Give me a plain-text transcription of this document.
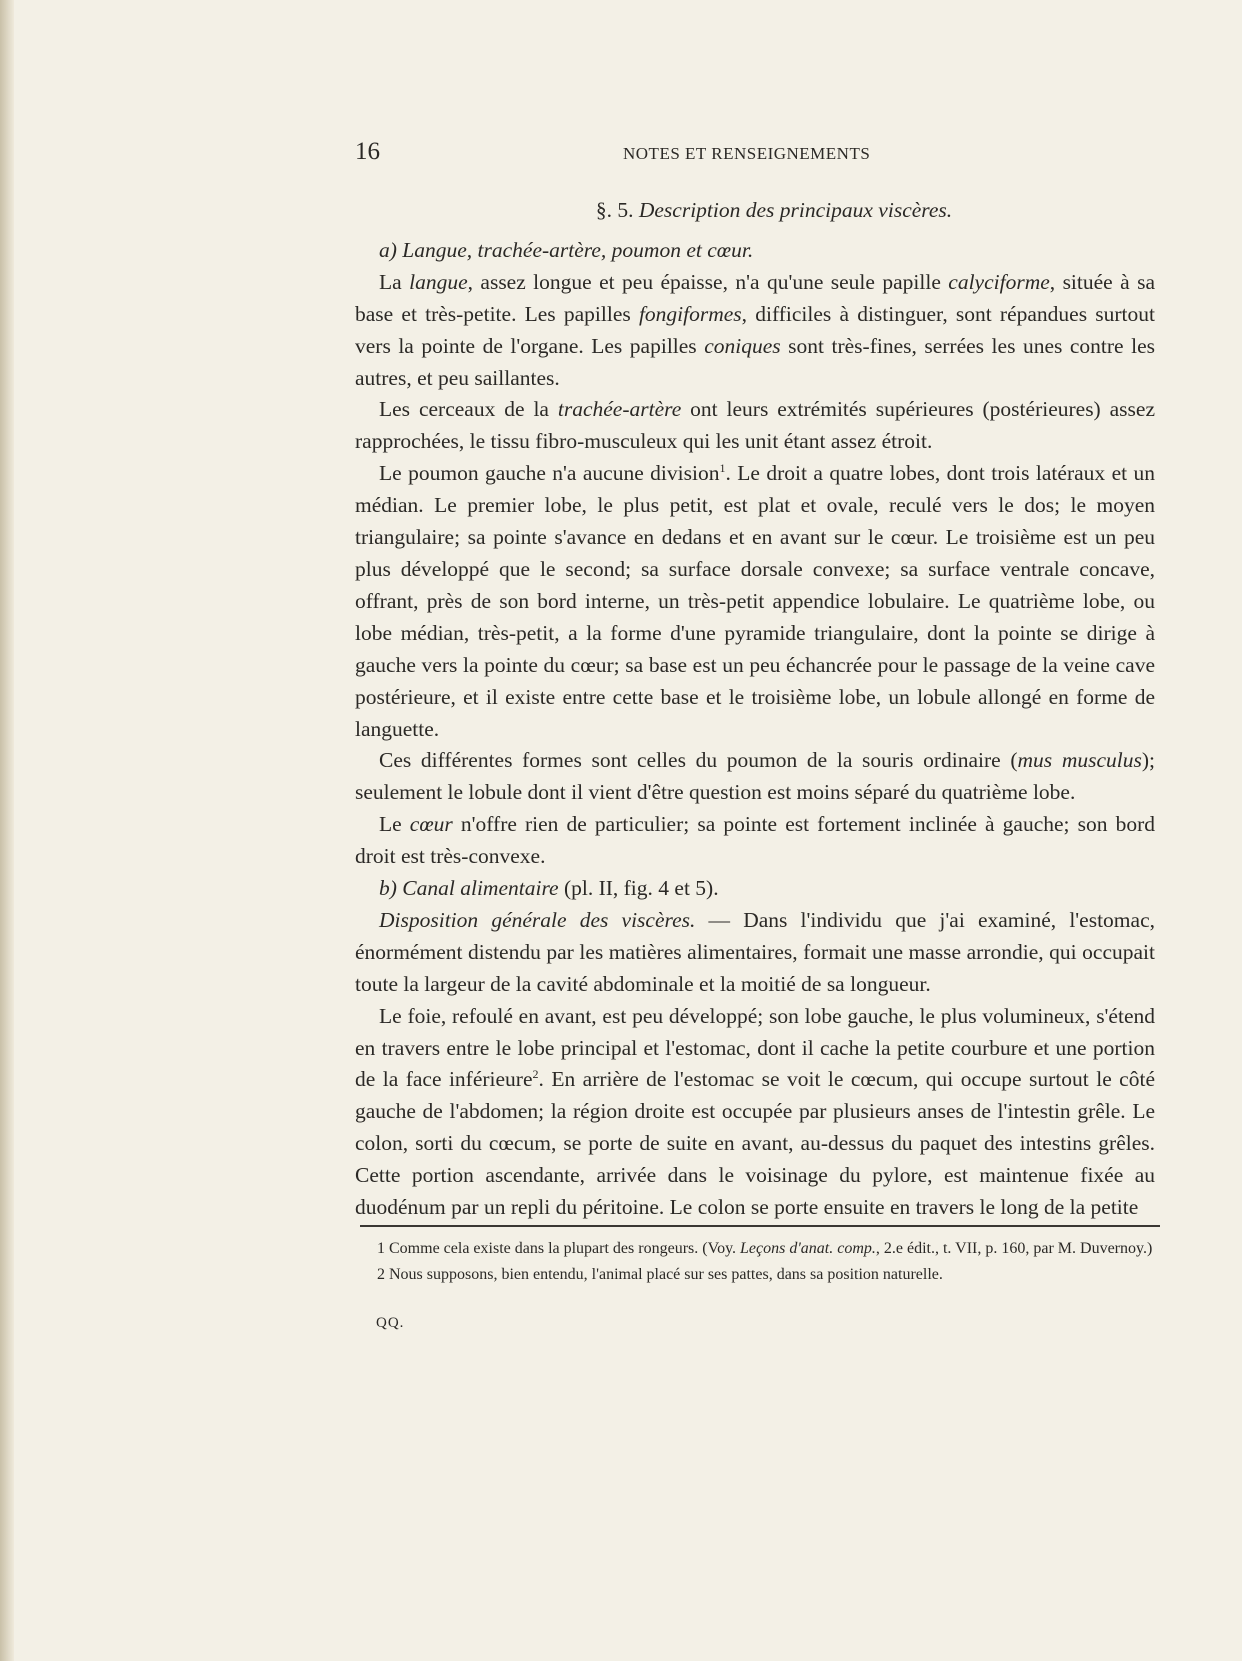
16	NOTES ET RENSEIGNEMENTS
§. 5. Description des principaux viscères.

a) Langue, trachée-artère, poumon et cœur.

La langue, assez longue et peu épaisse, n'a qu'une seule papille calyciforme, située à sa base et très-petite. Les papilles fongiformes, difficiles à distinguer, sont répandues surtout vers la pointe de l'organe. Les papilles coniques sont très-fines, serrées les unes contre les autres, et peu saillantes.

Les cerceaux de la trachée-artère ont leurs extrémités supérieures (postérieures) assez rapprochées, le tissu fibro-musculeux qui les unit étant assez étroit.

Le poumon gauche n'a aucune division$^1$. Le droit a quatre lobes, dont trois latéraux et un médian. Le premier lobe, le plus petit, est plat et ovale, reculé vers le dos; le moyen triangulaire; sa pointe s'avance en dedans et en avant sur le cœur. Le troisième est un peu plus développé que le second; sa surface dorsale convexe; sa surface ventrale concave, offrant, près de son bord interne, un très-petit appendice lobulaire. Le quatrième lobe, ou lobe médian, très-petit, a la forme d'une pyramide triangulaire, dont la pointe se dirige à gauche vers la pointe du cœur; sa base est un peu échancrée pour le passage de la veine cave postérieure, et il existe entre cette base et le troisième lobe, un lobule allongé en forme de languette.

Ces différentes formes sont celles du poumon de la souris ordinaire (mus musculus); seulement le lobule dont il vient d'être question est moins séparé du quatrième lobe.

Le cœur n'offre rien de particulier; sa pointe est fortement inclinée à gauche; son bord droit est très-convexe.

b) Canal alimentaire (pl. II, fig. 4 et 5).

Disposition générale des viscères. — Dans l'individu que j'ai examiné, l'estomac, énormément distendu par les matières alimentaires, formait une masse arrondie, qui occupait toute la largeur de la cavité abdominale et la moitié de sa longueur.

Le foie, refoulé en avant, est peu développé; son lobe gauche, le plus volumineux, s'étend en travers entre le lobe principal et l'estomac, dont il cache la petite courbure et une portion de la face inférieure$^2$. En arrière de l'estomac se voit le cœcum, qui occupe surtout le côté gauche de l'abdomen; la région droite est occupée par plusieurs anses de l'intestin grêle. Le colon, sorti du cœcum, se porte de suite en avant, au-dessus du paquet des intestins grêles. Cette portion ascendante, arrivée dans le voisinage du pylore, est maintenue fixée au duodénum par un repli du péritoine. Le colon se porte ensuite en travers le long de la petite

1 Comme cela existe dans la plupart des rongeurs. (Voy. Leçons d'anat. comp., 2.e édit., t. VII, p. 160, par M. Duvernoy.)

2 Nous supposons, bien entendu, l'animal placé sur ses pattes, dans sa position naturelle.

QQ.
